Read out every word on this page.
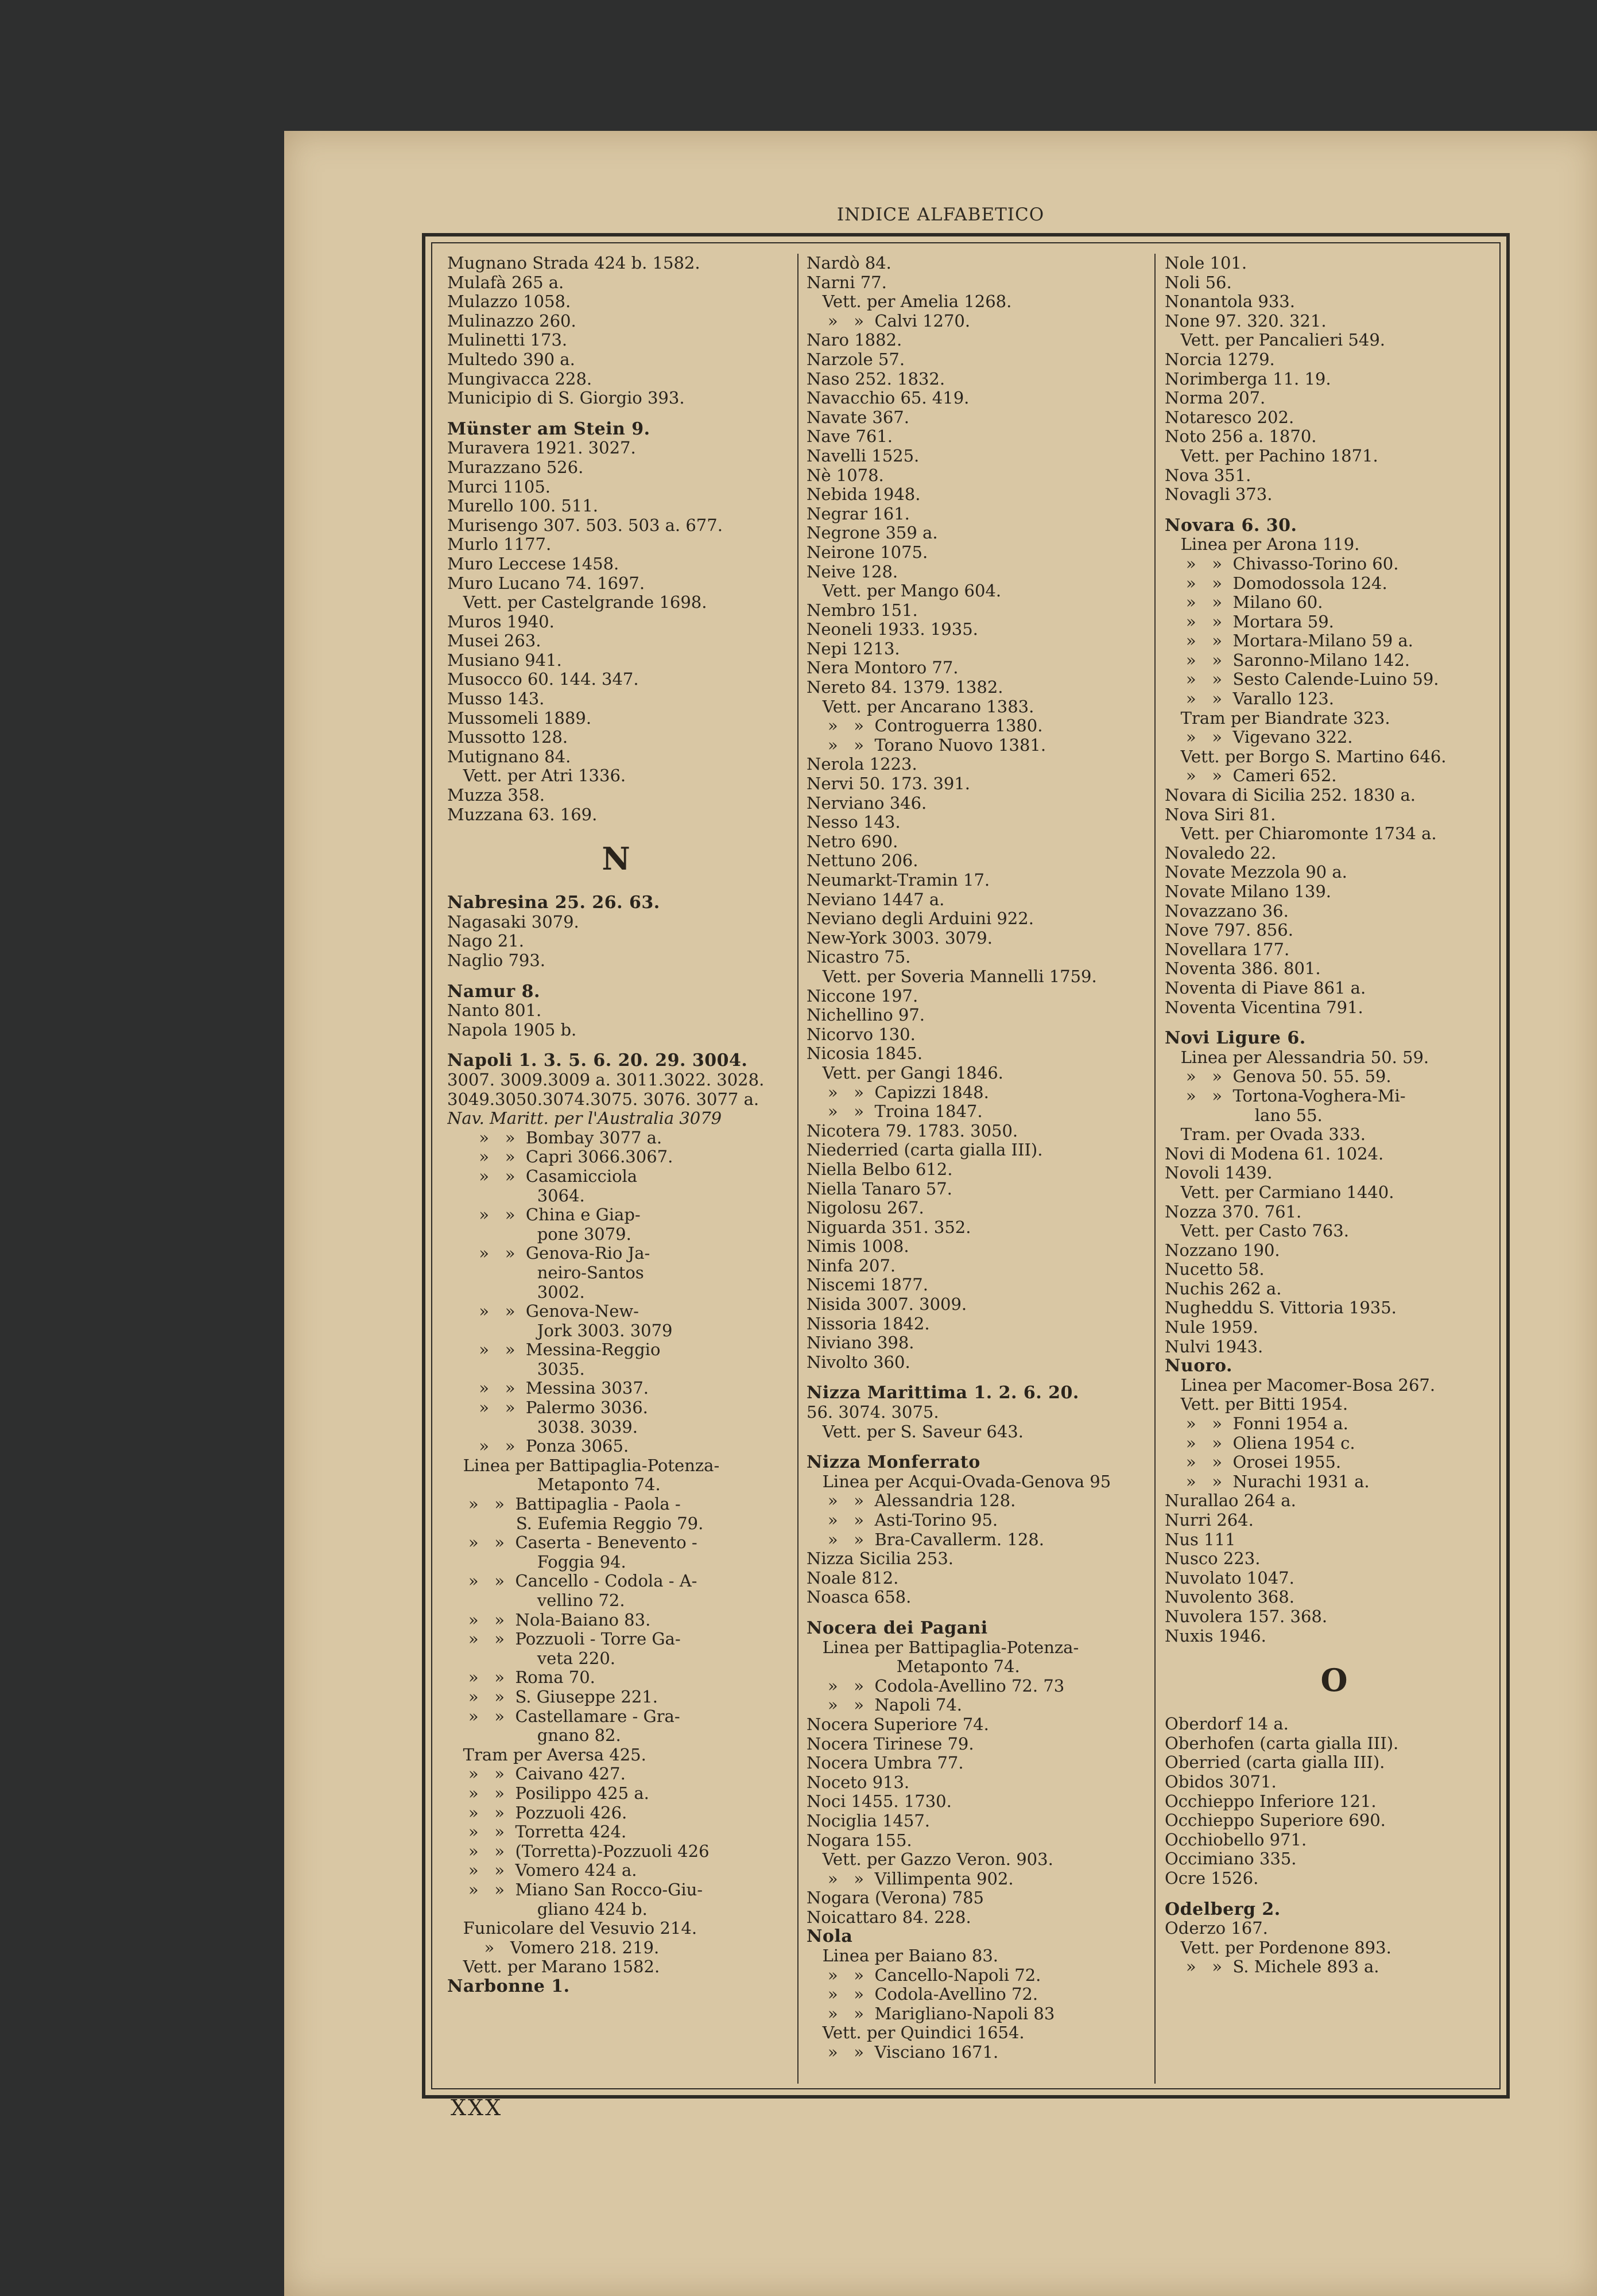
INDICE ALFABETICO
Mugnano Strada 424 b. 1582.
Mulafà 265 a.
Mulazzo 1058.
Mulinazzo 260.
Mulinetti 173.
Multedo 390 a.
Mungivacca 228.
Municipio di S. Giorgio 393.
Münster am Stein 9.
Muravera 1921. 3027.
Murazzano 526.
Murci 1105.
Murello 100. 511.
Murisengo 307. 503. 503 a. 677.
Murlo 1177.
Muro Leccese 1458.
Muro Lucano 74. 1697.
Vett. per Castelgrande 1698.
Muros 1940.
Musei 263.
Musiano 941.
Musocco 60. 144. 347.
Musso 143.
Mussomeli 1889.
Mussotto 128.
Mutignano 84.
Vett. per Atri 1336.
Muzza 358.
Muzzana 63. 169.
N
Nabresina 25. 26. 63.
Nagasaki 3079.
Nago 21.
Naglio 793.
Namur 8.
Nanto 801.
Napola 1905 b.
Napoli 1. 3. 5. 6. 20. 29. 3004.
3007. 3009.3009 a. 3011.3022. 3028.
3049.3050.3074.3075. 3076. 3077 a.
Nav. Maritt. per l'Australia 3079
»   »  Bombay 3077 a.
»   »  Capri 3066.3067.
»   »  Casamicciola
3064.
»   »  China e Giap-
pone 3079.
»   »  Genova-Rio Ja-
neiro-Santos
3002.
»   »  Genova-New-
Jork 3003. 3079
»   »  Messina-Reggio
3035.
»   »  Messina 3037.
»   »  Palermo 3036.
3038. 3039.
»   »  Ponza 3065.
Linea per Battipaglia-Potenza-
Metaponto 74.
»   »  Battipaglia - Paola -
S. Eufemia Reggio 79.
»   »  Caserta - Benevento -
Foggia 94.
»   »  Cancello - Codola - A-
vellino 72.
»   »  Nola-Baiano 83.
»   »  Pozzuoli - Torre Ga-
veta 220.
»   »  Roma 70.
»   »  S. Giuseppe 221.
»   »  Castellamare - Gra-
gnano 82.
Tram per Aversa 425.
»   »  Caivano 427.
»   »  Posilippo 425 a.
»   »  Pozzuoli 426.
»   »  Torretta 424.
»   »  (Torretta)-Pozzuoli 426
»   »  Vomero 424 a.
»   »  Miano San Rocco-Giu-
gliano 424 b.
Funicolare del Vesuvio 214.
»   Vomero 218. 219.
Vett. per Marano 1582.
Narbonne 1.
Nardò 84.
Narni 77.
Vett. per Amelia 1268.
»   »  Calvi 1270.
Naro 1882.
Narzole 57.
Naso 252. 1832.
Navacchio 65. 419.
Navate 367.
Nave 761.
Navelli 1525.
Nè 1078.
Nebida 1948.
Negrar 161.
Negrone 359 a.
Neirone 1075.
Neive 128.
Vett. per Mango 604.
Nembro 151.
Neoneli 1933. 1935.
Nepi 1213.
Nera Montoro 77.
Nereto 84. 1379. 1382.
Vett. per Ancarano 1383.
»   »  Controguerra 1380.
»   »  Torano Nuovo 1381.
Nerola 1223.
Nervi 50. 173. 391.
Nerviano 346.
Nesso 143.
Netro 690.
Nettuno 206.
Neumarkt-Tramin 17.
Neviano 1447 a.
Neviano degli Arduini 922.
New-York 3003. 3079.
Nicastro 75.
Vett. per Soveria Mannelli 1759.
Niccone 197.
Nichellino 97.
Nicorvo 130.
Nicosia 1845.
Vett. per Gangi 1846.
»   »  Capizzi 1848.
»   »  Troina 1847.
Nicotera 79. 1783. 3050.
Niederried (carta gialla III).
Niella Belbo 612.
Niella Tanaro 57.
Nigolosu 267.
Niguarda 351. 352.
Nimis 1008.
Ninfa 207.
Niscemi 1877.
Nisida 3007. 3009.
Nissoria 1842.
Niviano 398.
Nivolto 360.
Nizza Marittima 1. 2. 6. 20.
56. 3074. 3075.
Vett. per S. Saveur 643.
Nizza Monferrato
Linea per Acqui-Ovada-Genova 95
»   »  Alessandria 128.
»   »  Asti-Torino 95.
»   »  Bra-Cavallerm. 128.
Nizza Sicilia 253.
Noale 812.
Noasca 658.
Nocera dei Pagani
Linea per Battipaglia-Potenza-
Metaponto 74.
»   »  Codola-Avellino 72. 73
»   »  Napoli 74.
Nocera Superiore 74.
Nocera Tirinese 79.
Nocera Umbra 77.
Noceto 913.
Noci 1455. 1730.
Nociglia 1457.
Nogara 155.
Vett. per Gazzo Veron. 903.
»   »  Villimpenta 902.
Nogara (Verona) 785
Noicattaro 84. 228.
Nola
Linea per Baiano 83.
»   »  Cancello-Napoli 72.
»   »  Codola-Avellino 72.
»   »  Marigliano-Napoli 83
Vett. per Quindici 1654.
»   »  Visciano 1671.
Nole 101.
Noli 56.
Nonantola 933.
None 97. 320. 321.
Vett. per Pancalieri 549.
Norcia 1279.
Norimberga 11. 19.
Norma 207.
Notaresco 202.
Noto 256 a. 1870.
Vett. per Pachino 1871.
Nova 351.
Novagli 373.
Novara 6. 30.
Linea per Arona 119.
»   »  Chivasso-Torino 60.
»   »  Domodossola 124.
»   »  Milano 60.
»   »  Mortara 59.
»   »  Mortara-Milano 59 a.
»   »  Saronno-Milano 142.
»   »  Sesto Calende-Luino 59.
»   »  Varallo 123.
Tram per Biandrate 323.
»   »  Vigevano 322.
Vett. per Borgo S. Martino 646.
»   »  Cameri 652.
Novara di Sicilia 252. 1830 a.
Nova Siri 81.
Vett. per Chiaromonte 1734 a.
Novaledo 22.
Novate Mezzola 90 a.
Novate Milano 139.
Novazzano 36.
Nove 797. 856.
Novellara 177.
Noventa 386. 801.
Noventa di Piave 861 a.
Noventa Vicentina 791.
Novi Ligure 6.
Linea per Alessandria 50. 59.
»   »  Genova 50. 55. 59.
»   »  Tortona-Voghera-Mi-
lano 55.
Tram. per Ovada 333.
Novi di Modena 61. 1024.
Novoli 1439.
Vett. per Carmiano 1440.
Nozza 370. 761.
Vett. per Casto 763.
Nozzano 190.
Nucetto 58.
Nuchis 262 a.
Nugheddu S. Vittoria 1935.
Nule 1959.
Nulvi 1943.
Nuoro.
Linea per Macomer-Bosa 267.
Vett. per Bitti 1954.
»   »  Fonni 1954 a.
»   »  Oliena 1954 c.
»   »  Orosei 1955.
»   »  Nurachi 1931 a.
Nurallao 264 a.
Nurri 264.
Nus 111
Nusco 223.
Nuvolato 1047.
Nuvolento 368.
Nuvolera 157. 368.
Nuxis 1946.
O
Oberdorf 14 a.
Oberhofen (carta gialla III).
Oberried (carta gialla III).
Obidos 3071.
Occhieppo Inferiore 121.
Occhieppo Superiore 690.
Occhiobello 971.
Occimiano 335.
Ocre 1526.
Odelberg 2.
Oderzo 167.
Vett. per Pordenone 893.
»   »  S. Michele 893 a.
XXX
